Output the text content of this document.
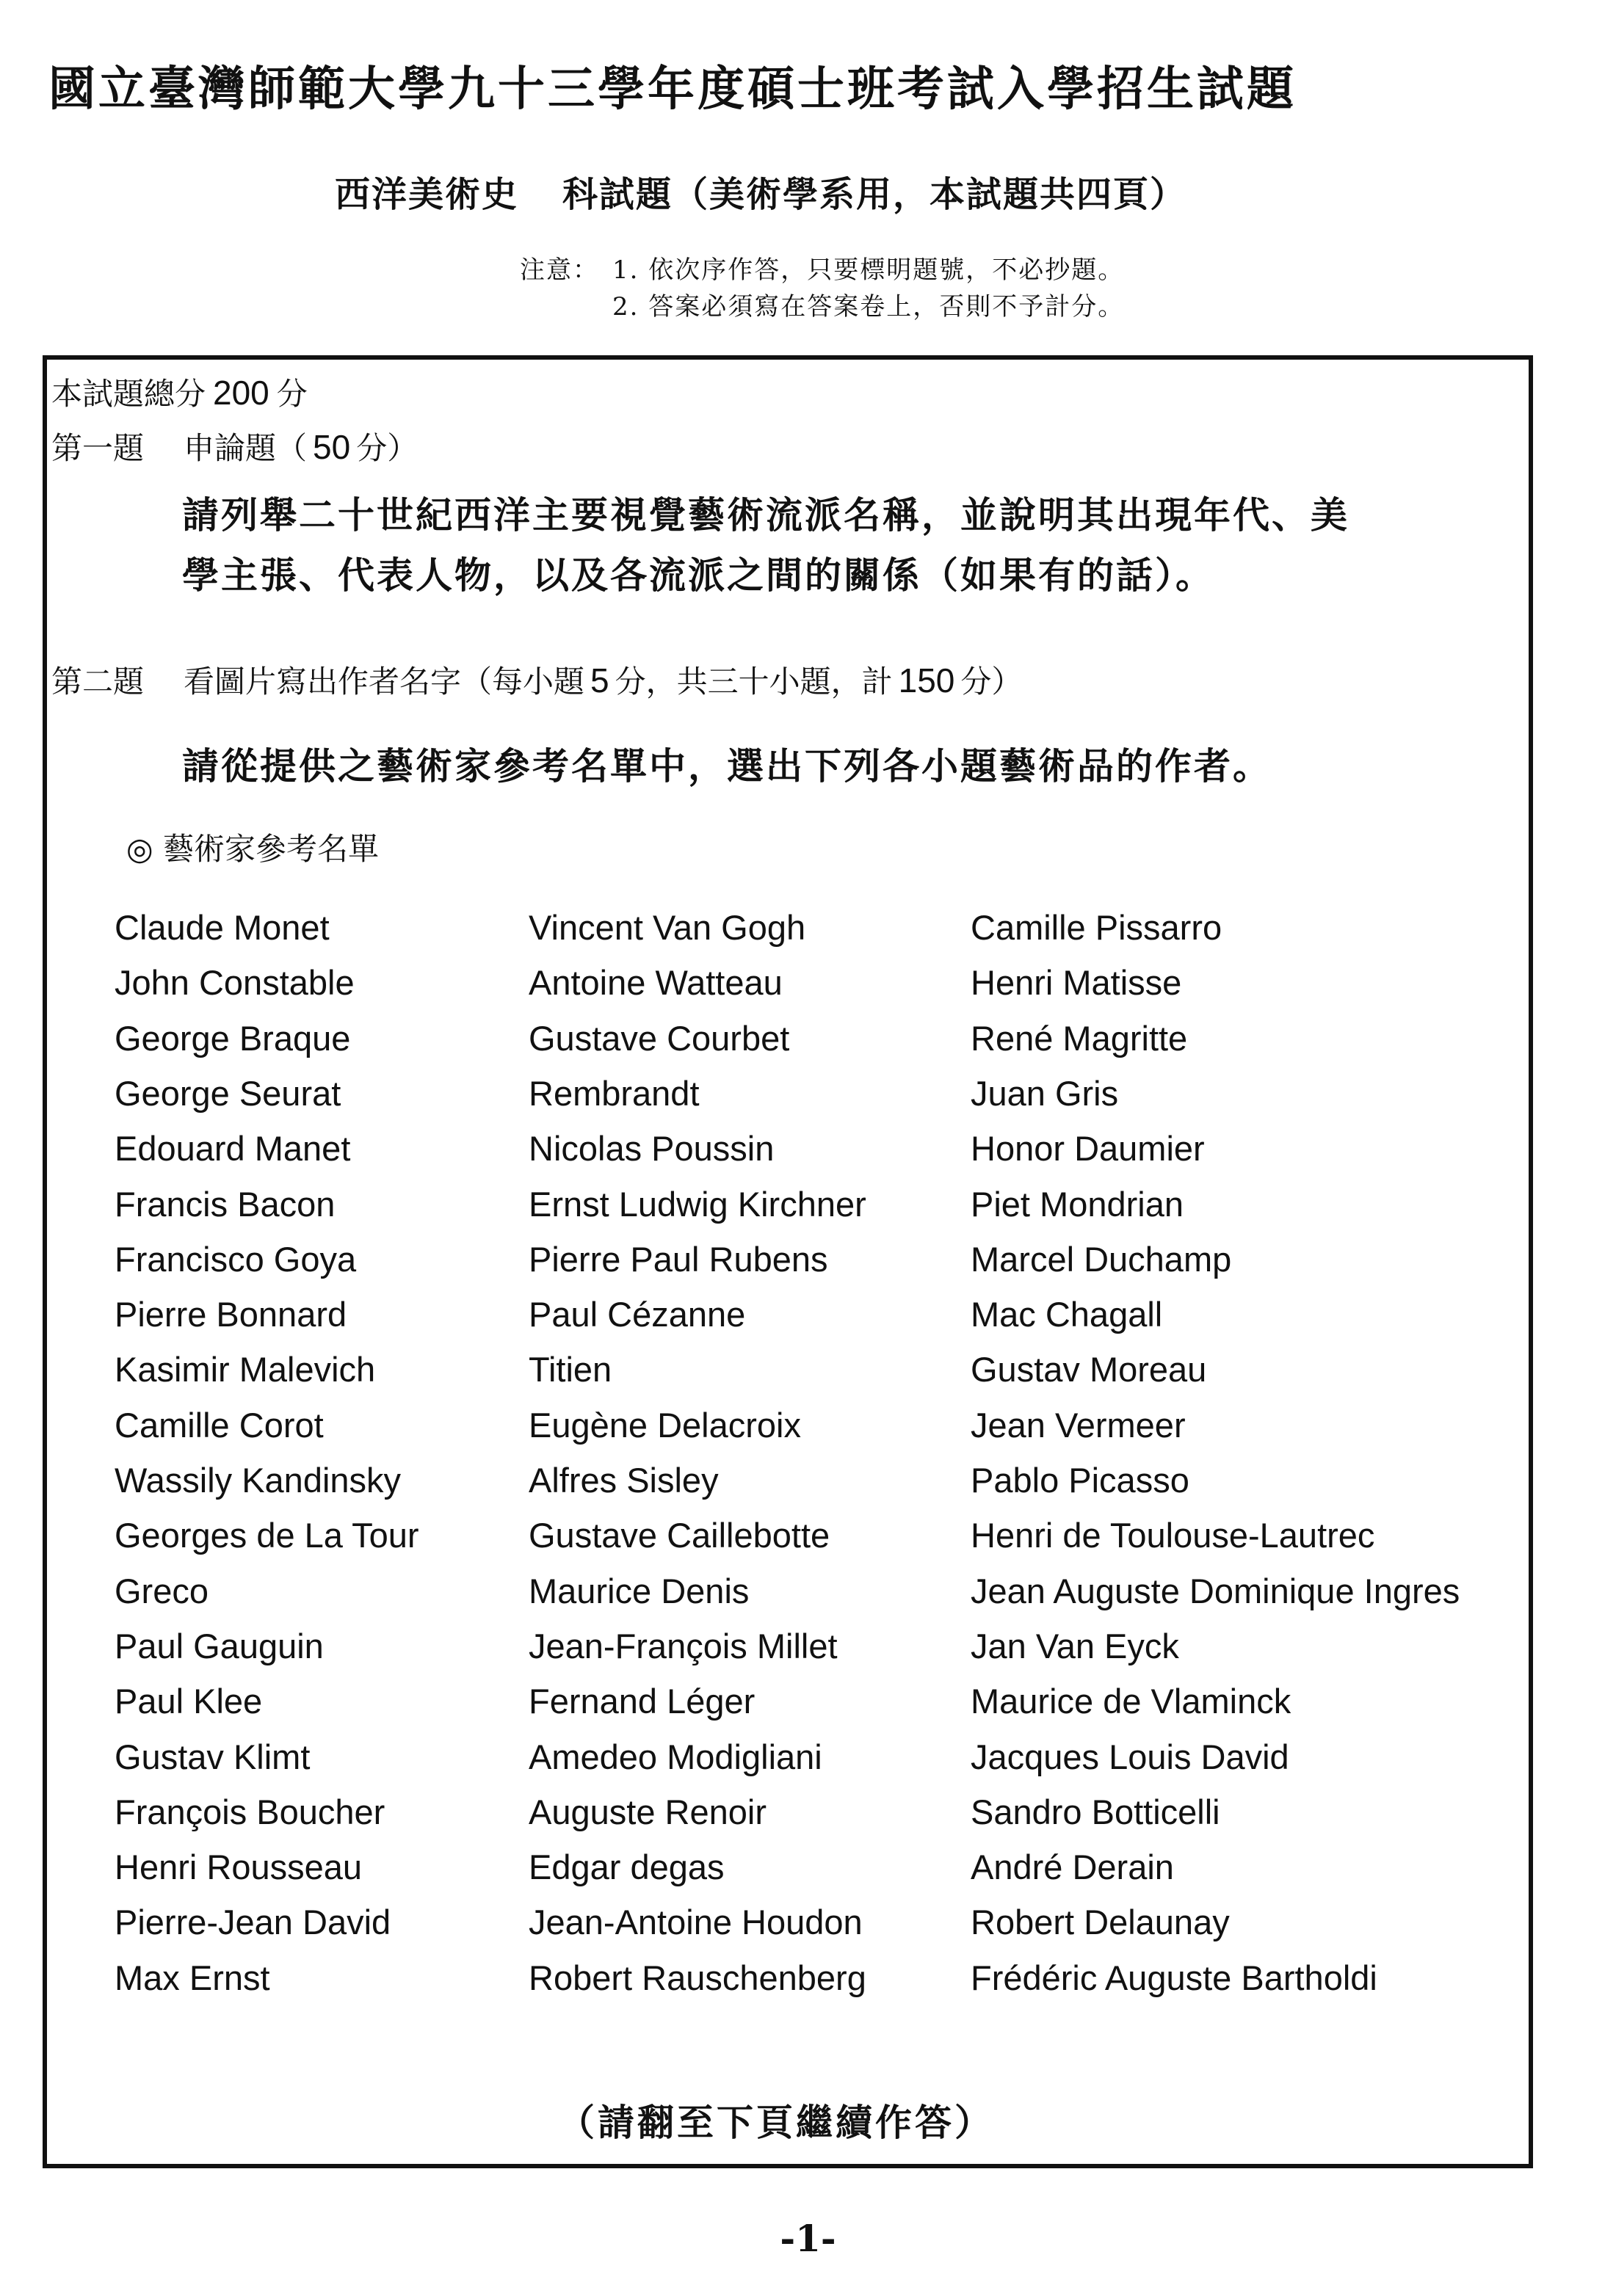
國立臺灣師範大學九十三學年度碩士班考試入學招生試題
西洋美術史 科試題（美術學系用，本試題共四頁）
注意： 1. 依次序作答，只要標明題號，不必抄題。
2. 答案必須寫在答案卷上，否則不予計分。
本試題總分 200 分
第一題 申論題（ 50 分）
請列舉二十世紀西洋主要視覺藝術流派名稱，並說明其出現年代、美
學主張、代表人物，以及各流派之間的關係（如果有的話）。
第二題 看圖片寫出作者名字（每小題 5 分，共三十小題，計 150 分）
請從提供之藝術家參考名單中，選出下列各小題藝術品的作者。
◎ 藝術家參考名單
Claude Monet
John Constable
George Braque
George Seurat
Edouard Manet
Francis Bacon
Francisco Goya
Pierre Bonnard
Kasimir Malevich
Camille Corot
Wassily Kandinsky
Georges de La Tour
Greco
Paul Gauguin
Paul Klee
Gustav Klimt
François Boucher
Henri Rousseau
Pierre-Jean David
Max Ernst
Vincent Van Gogh
Antoine Watteau
Gustave Courbet
Rembrandt
Nicolas Poussin
Ernst Ludwig Kirchner
Pierre Paul Rubens
Paul Cézanne
Titien
Eugène Delacroix
Alfres Sisley
Gustave Caillebotte
Maurice Denis
Jean-François Millet
Fernand Léger
Amedeo Modigliani
Auguste Renoir
Edgar degas
Jean-Antoine Houdon
Robert Rauschenberg
Camille Pissarro
Henri Matisse
René Magritte
Juan Gris
Honor Daumier
Piet Mondrian
Marcel Duchamp
Mac Chagall
Gustav Moreau
Jean Vermeer
Pablo Picasso
Henri de Toulouse-Lautrec
Jean Auguste Dominique Ingres
Jan Van Eyck
Maurice de Vlaminck
Jacques Louis David
Sandro Botticelli
André Derain
Robert Delaunay
Frédéric Auguste Bartholdi
（請翻至下頁繼續作答）
-1-
